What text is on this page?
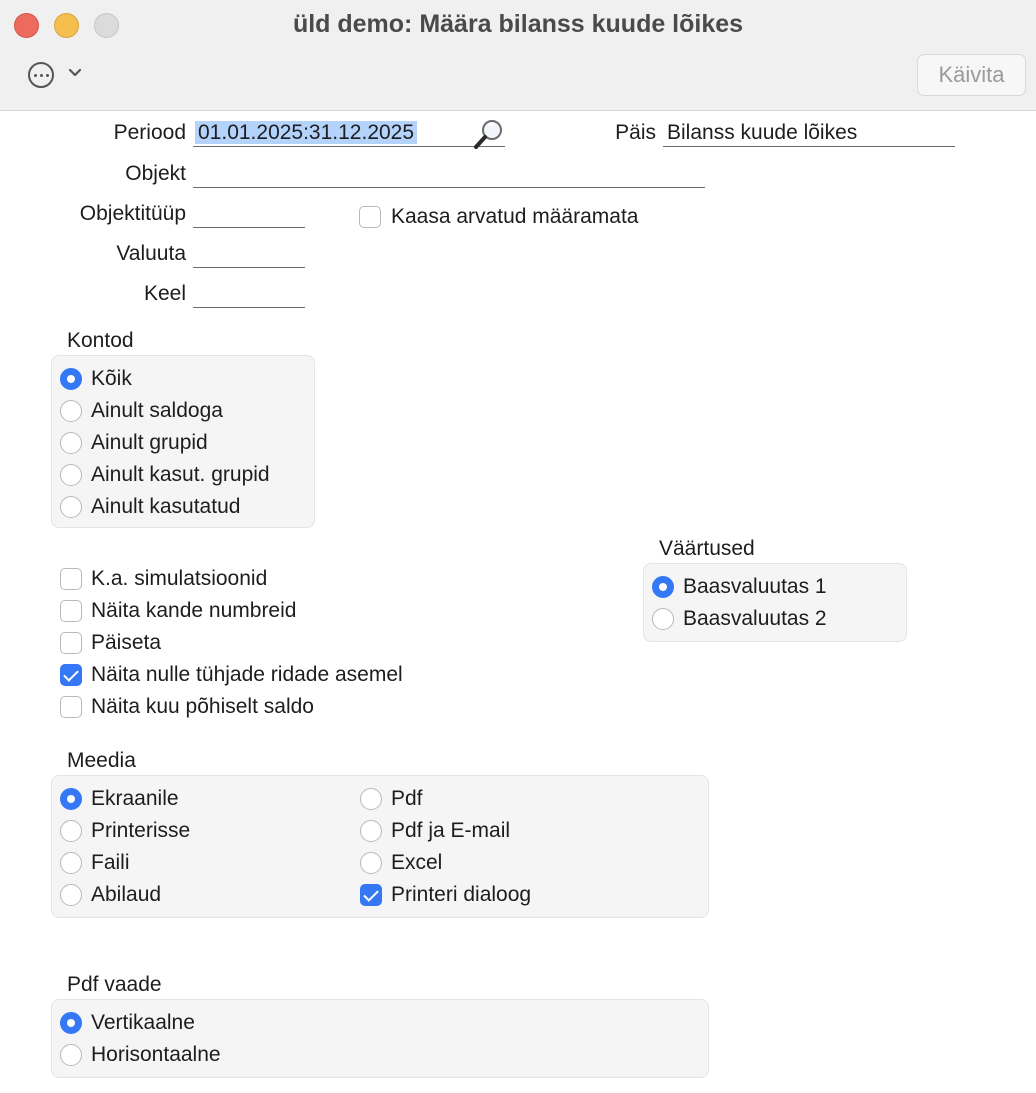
üld demo: Määra bilanss kuude lõikes
Käivita
Periood 01.01.2025:31.12.2025	Päis Bilanss kuude lõikes
Objekt
Objektitüüp	Kaasa arvatud määramata
Valuuta
Keel
Kontod
Kõik
Ainult saldoga
Ainult grupid
Ainult kasut. grupid
Ainult kasutatud
K.a. simulatsioonid
Näita kande numbreid
Päiseta
Näita nulle tühjade ridade asemel
Näita kuu põhiselt saldo
Väärtused
Baasvaluutas 1
Baasvaluutas 2
Meedia
Ekraanile
Printerisse
Faili
Abilaud
Pdf
Pdf ja E-mail
Excel
Printeri dialoog
Pdf vaade
Vertikaalne
Horisontaalne
